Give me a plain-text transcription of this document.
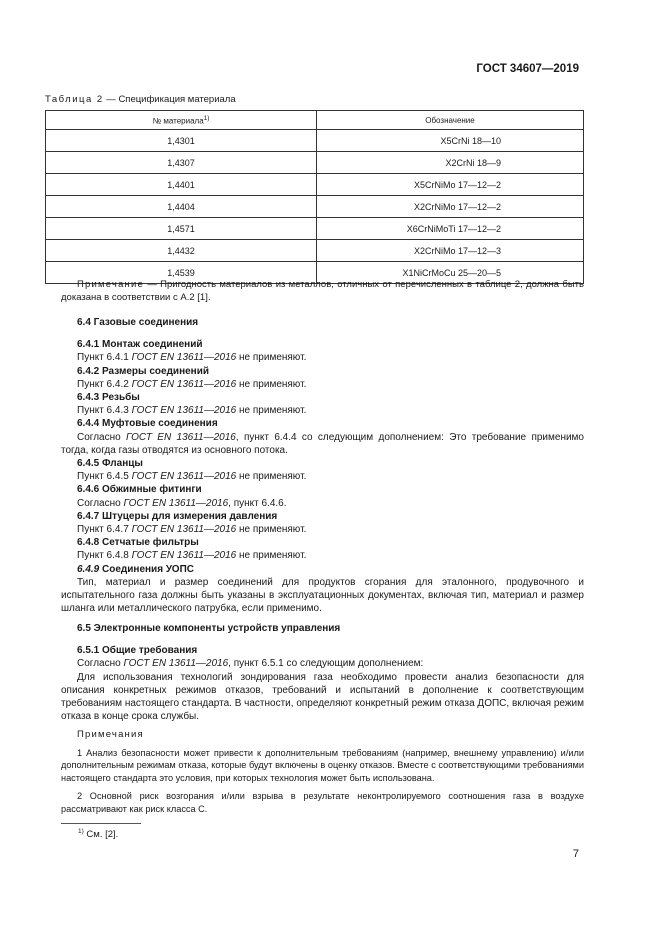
ГОСТ 34607—2019
Таблица 2 — Спецификация материала
№ материала$^{1)}$	Обозначение
1,4301	X5CrNi 18—10
1,4307	X2CrNi 18—9
1,4401	X5CrNiMo 17—12—2
1,4404	X2CrNiMo 17—12—2
1,4571	X6CrNiMoTi 17—12—2
1,4432	X2CrNiMo 17—12—3
1,4539	X1NiCrMoCu 25—20—5

Примечание — Пригодность материалов из металлов, отличных от перечисленных в таблице 2, должна быть доказана в соответствии с А.2 [1].

6.4 Газовые соединения

6.4.1 Монтаж соединений

Пункт 6.4.1 ГОСТ EN 13611—2016 не применяют.

6.4.2 Размеры соединений

Пункт 6.4.2 ГОСТ EN 13611—2016 не применяют.

6.4.3 Резьбы

Пункт 6.4.3 ГОСТ EN 13611—2016 не применяют.

6.4.4 Муфтовые соединения

Согласно ГОСТ EN 13611—2016, пункт 6.4.4 со следующим дополнением: Это требование применимо тогда, когда газы отводятся из основного потока.

6.4.5 Фланцы

Пункт 6.4.5 ГОСТ EN 13611—2016 не применяют.

6.4.6 Обжимные фитинги

Согласно ГОСТ EN 13611—2016, пункт 6.4.6.

6.4.7 Штуцеры для измерения давления

Пункт 6.4.7 ГОСТ EN 13611—2016 не применяют.

6.4.8 Сетчатые фильтры

Пункт 6.4.8 ГОСТ EN 13611—2016 не применяют.

6.4.9 Соединения УОПС

Тип, материал и размер соединений для продуктов сгорания для эталонного, продувочного и испытательного газа должны быть указаны в эксплуатационных документах, включая тип, материал и размер шланга или металлического патрубка, если применимо.

6.5 Электронные компоненты устройств управления

6.5.1 Общие требования

Согласно ГОСТ EN 13611—2016, пункт 6.5.1 со следующим дополнением:

Для использования технологий зондирования газа необходимо провести анализ безопасности для описания конкретных режимов отказов, требований и испытаний в дополнение к соответствующим требованиям настоящего стандарта. В частности, определяют конкретный режим отказа ДОПС, включая режим отказа в конце срока службы.

Примечания

1 Анализ безопасности может привести к дополнительным требованиям (например, внешнему управлению) и/или дополнительным режимам отказа, которые будут включены в оценку отказов. Вместе с соответствующими требованиями настоящего стандарта это условия, при которых технология может быть использована.

2 Основной риск возгорания и/или взрыва в результате неконтролируемого соотношения газа в воздухе рассматривают как риск класса С.

$^{1)}$ См. [2].
7
